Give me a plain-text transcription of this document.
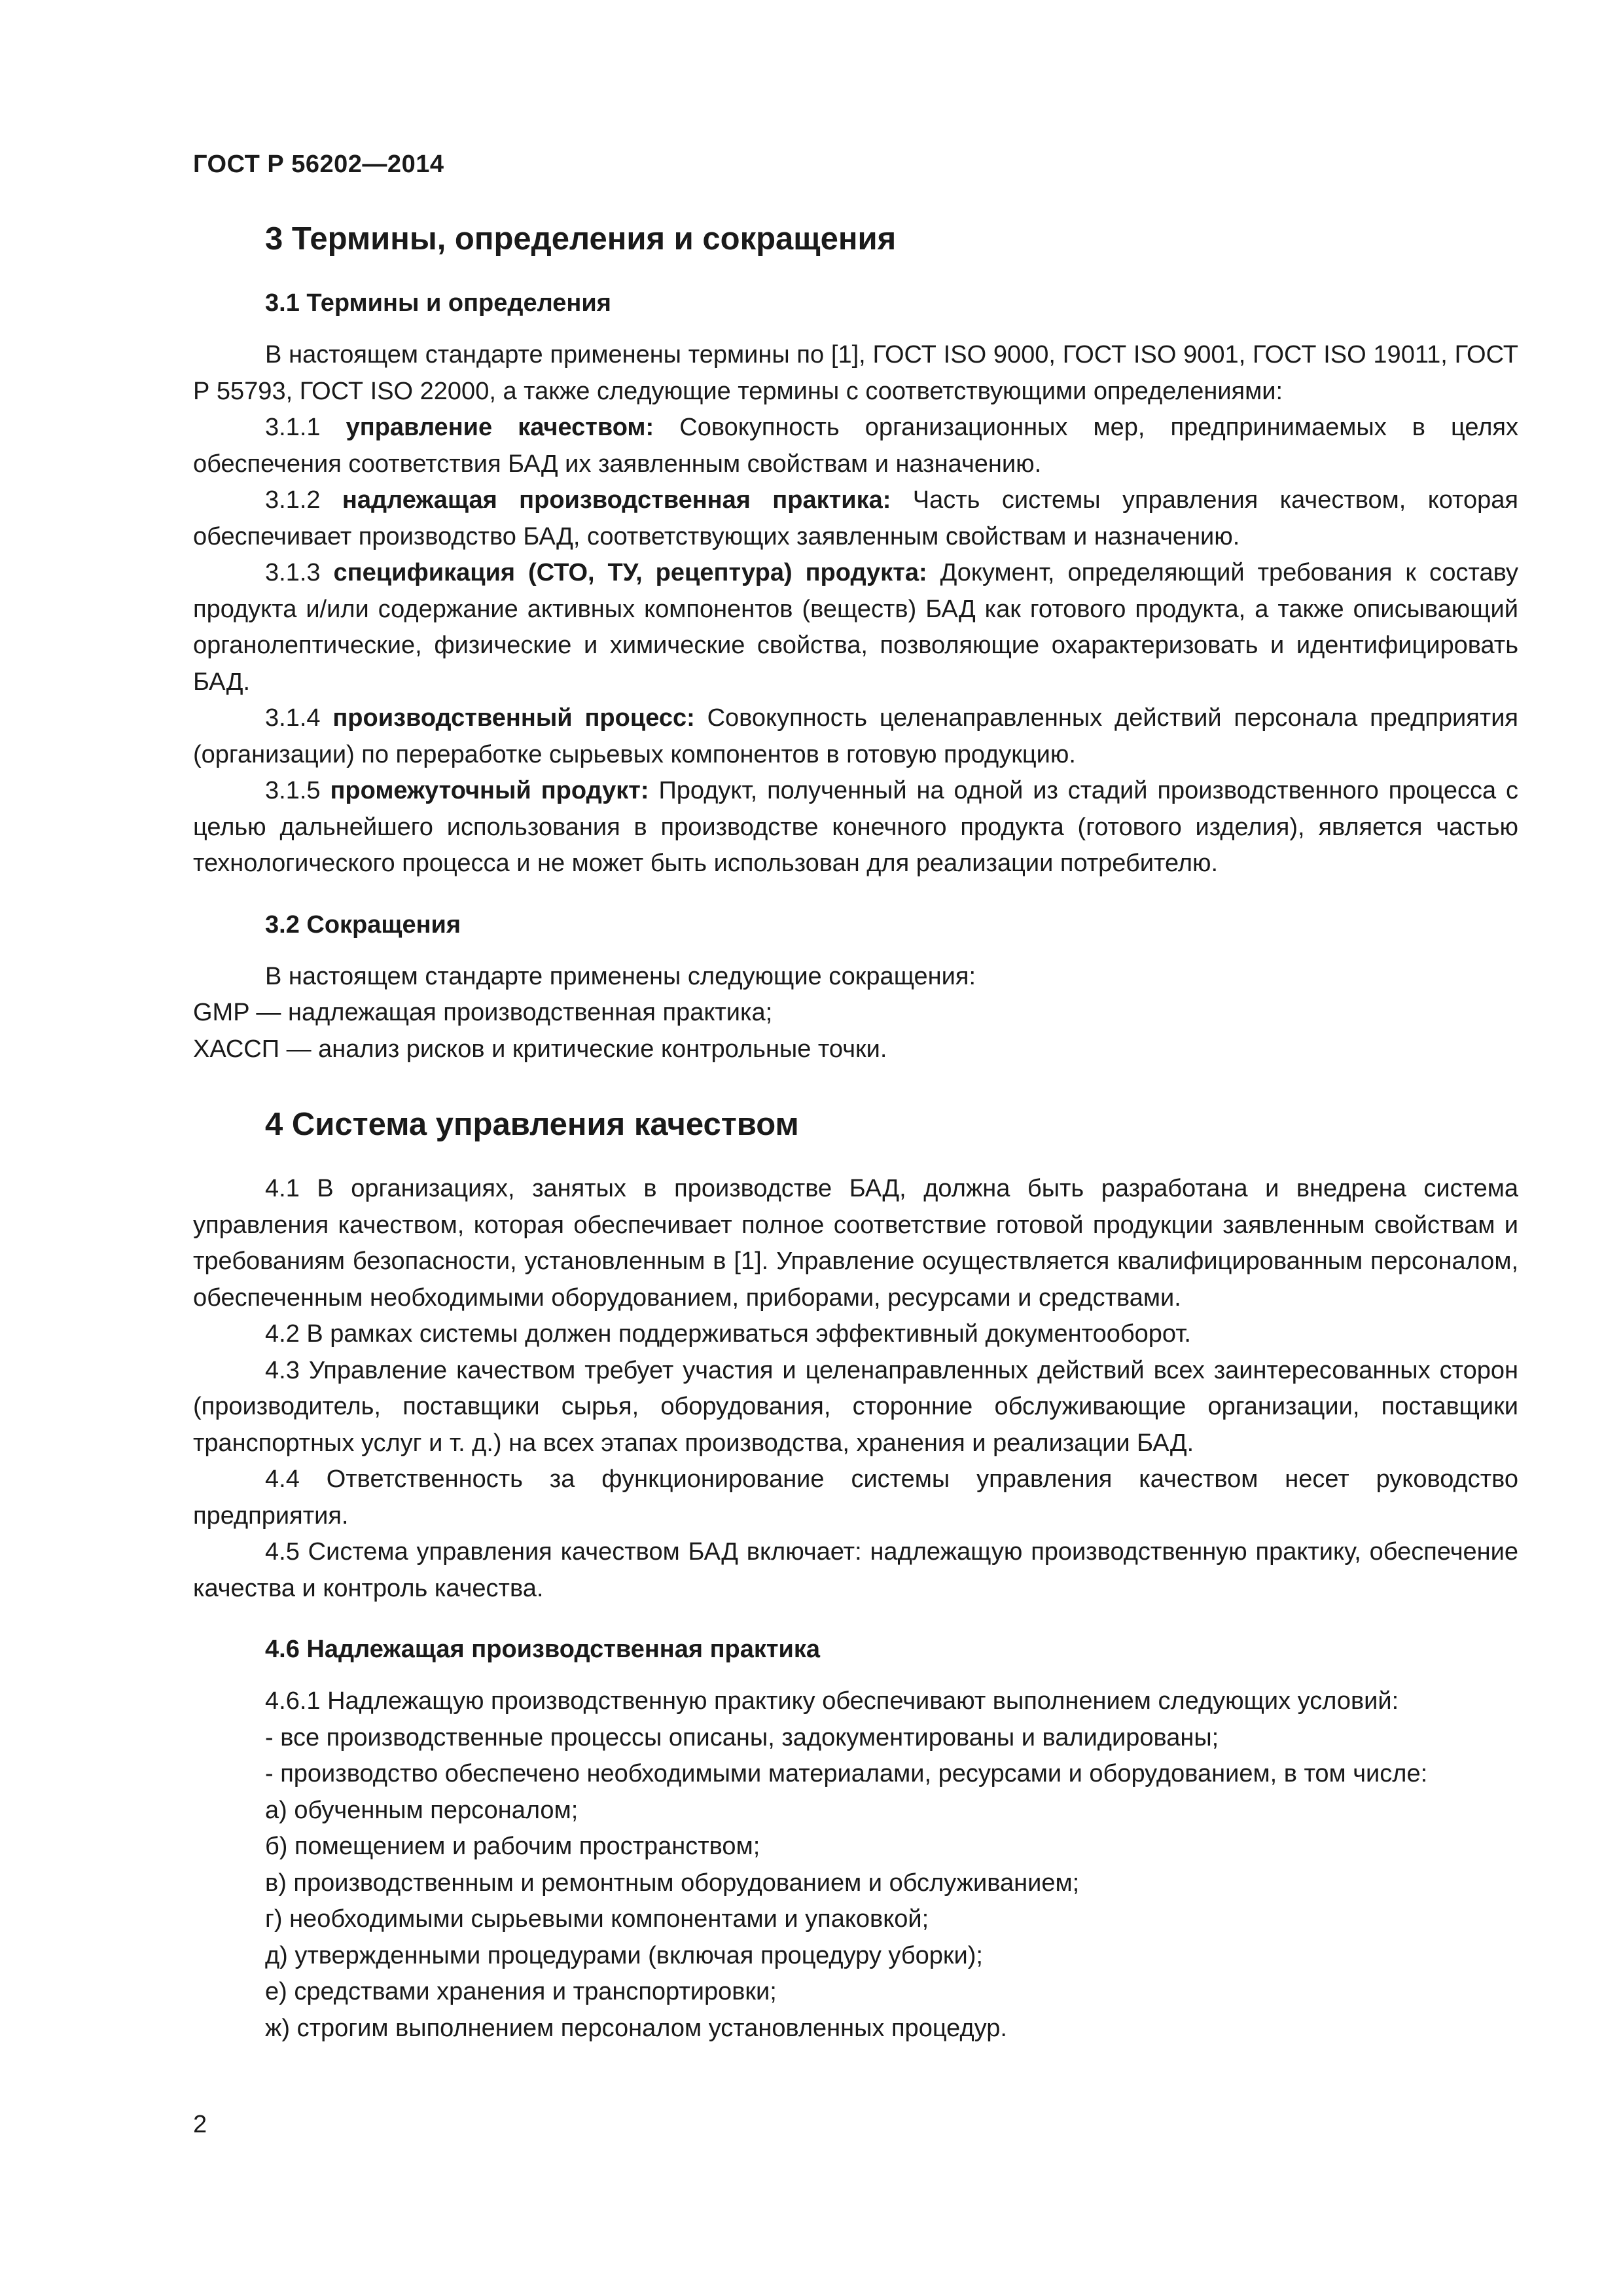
ГОСТ Р 56202—2014
3 Термины, определения и сокращения
3.1 Термины и определения

В настоящем стандарте применены термины по [1], ГОСТ ISO 9000, ГОСТ ISO 9001, ГОСТ ISO 19011, ГОСТ Р 55793, ГОСТ ISO 22000, а также следующие термины с соответствующими определениями:

3.1.1 управление качеством: Совокупность организационных мер, предпринимаемых в целях обеспечения соответствия БАД их заявленным свойствам и назначению.

3.1.2 надлежащая производственная практика: Часть системы управления качеством, которая обеспечивает производство БАД, соответствующих заявленным свойствам и назначению.

3.1.3 спецификация (СТО, ТУ, рецептура) продукта: Документ, определяющий требования к составу продукта и/или содержание активных компонентов (веществ) БАД как готового продукта, а также описывающий органолептические, физические и химические свойства, позволяющие охарактеризовать и идентифицировать БАД.

3.1.4 производственный процесс: Совокупность целенаправленных действий персонала предприятия (организации) по переработке сырьевых компонентов в готовую продукцию.

3.1.5 промежуточный продукт: Продукт, полученный на одной из стадий производственного процесса с целью дальнейшего использования в производстве конечного продукта (готового изделия), является частью технологического процесса и не может быть использован для реализации потребителю.

3.2 Сокращения

В настоящем стандарте применены следующие сокращения:

GMP — надлежащая производственная практика;

ХАССП — анализ рисков и критические контрольные точки.

4 Система управления качеством

4.1 В организациях, занятых в производстве БАД, должна быть разработана и внедрена система управления качеством, которая обеспечивает полное соответствие готовой продукции заявленным свойствам и требованиям безопасности, установленным в [1]. Управление осуществляется квалифицированным персоналом, обеспеченным необходимыми оборудованием, приборами, ресурсами и средствами.

4.2 В рамках системы должен поддерживаться эффективный документооборот.

4.3 Управление качеством требует участия и целенаправленных действий всех заинтересованных сторон (производитель, поставщики сырья, оборудования, сторонние обслуживающие организации, поставщики транспортных услуг и т. д.) на всех этапах производства, хранения и реализации БАД.

4.4 Ответственность за функционирование системы управления качеством несет руководство предприятия.

4.5 Система управления качеством БАД включает: надлежащую производственную практику, обеспечение качества и контроль качества.

4.6 Надлежащая производственная практика

4.6.1 Надлежащую производственную практику обеспечивают выполнением следующих условий:

- все производственные процессы описаны, задокументированы и валидированы;

- производство обеспечено необходимыми материалами, ресурсами и оборудованием, в том числе:

а) обученным персоналом;

б) помещением и рабочим пространством;

в) производственным и ремонтным оборудованием и обслуживанием;

г) необходимыми сырьевыми компонентами и упаковкой;

д) утвержденными процедурами (включая процедуру уборки);

е) средствами хранения и транспортировки;

ж) строгим выполнением персоналом установленных процедур.

2
